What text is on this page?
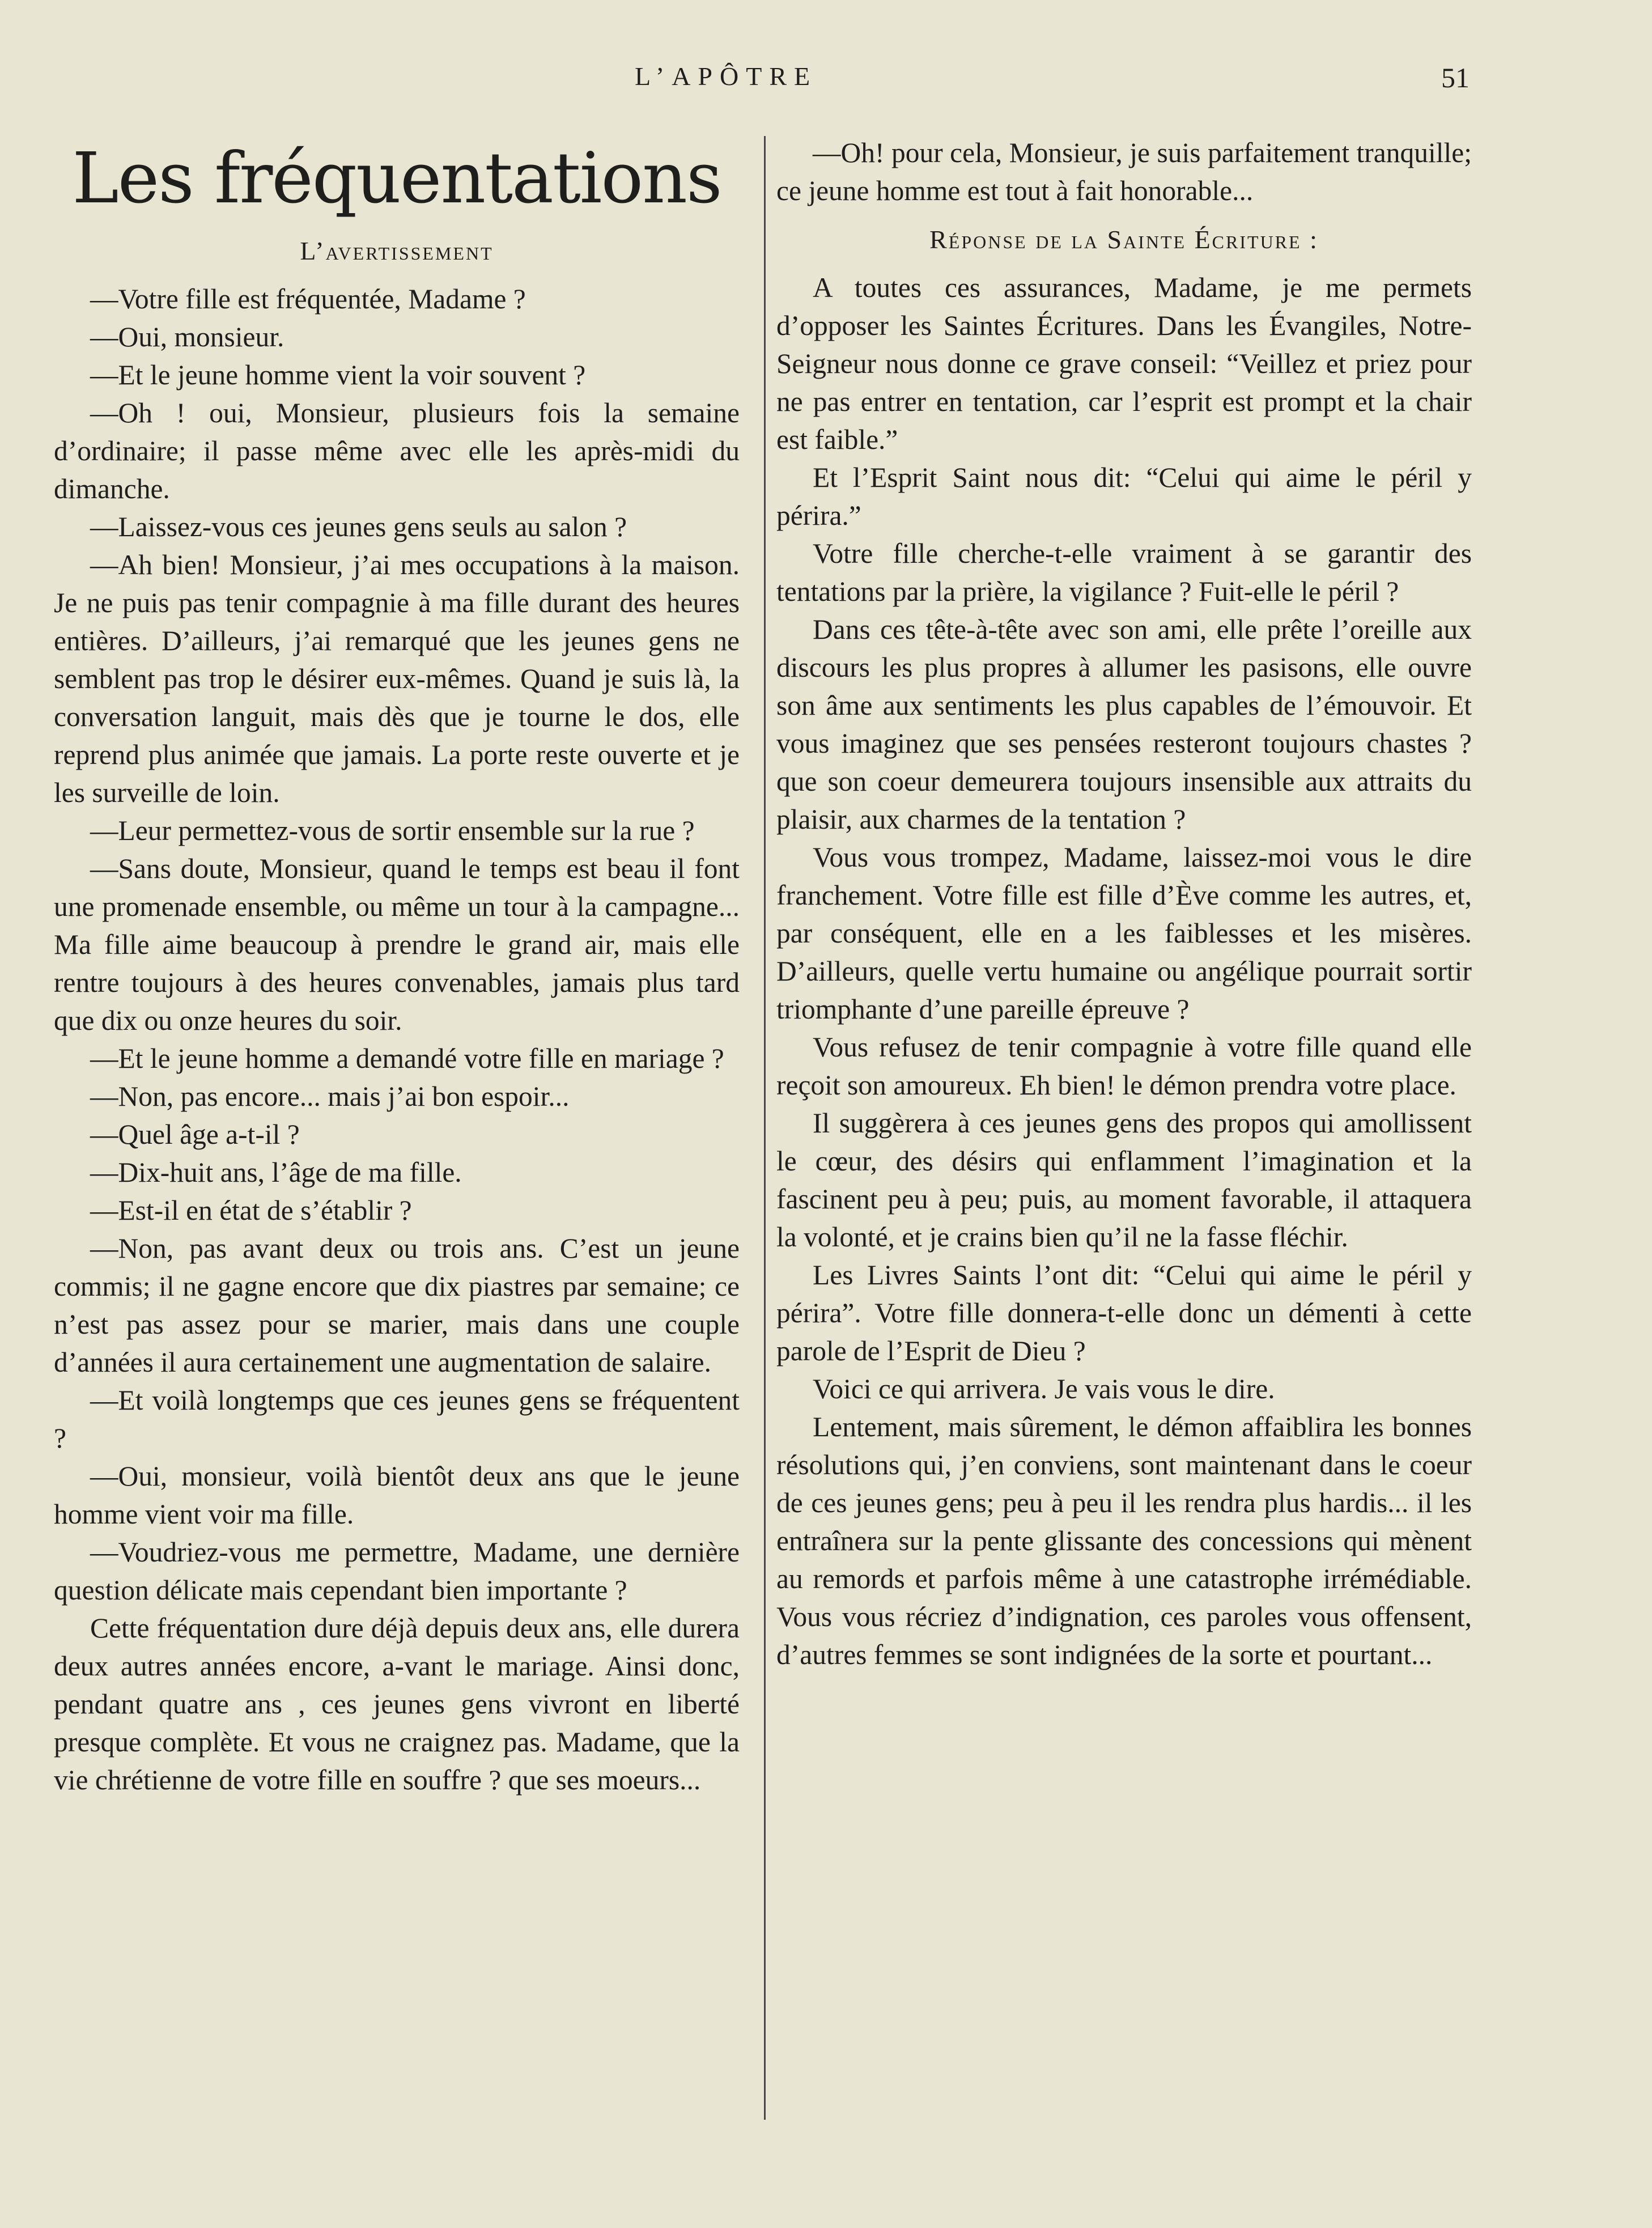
L’APÔTRE	51
Les fréquentations
L’avertissement

—Votre fille est fréquentée, Madame ?

—Oui, monsieur.

—Et le jeune homme vient la voir souvent ?

—Oh ! oui, Monsieur, plusieurs fois la semaine d’ordinaire; il passe même avec elle les après-midi du dimanche.

—Laissez-vous ces jeunes gens seuls au salon ?

—Ah bien! Monsieur, j’ai mes occupations à la maison. Je ne puis pas tenir compagnie à ma fille durant des heures entières. D’ailleurs, j’ai remarqué que les jeunes gens ne semblent pas trop le désirer eux-mêmes. Quand je suis là, la conversation languit, mais dès que je tourne le dos, elle reprend plus animée que jamais. La porte reste ouverte et je les surveille de loin.

—Leur permettez-vous de sortir ensemble sur la rue ?

—Sans doute, Monsieur, quand le temps est beau il font une promenade ensemble, ou même un tour à la campagne... Ma fille aime beaucoup à prendre le grand air, mais elle rentre toujours à des heures convenables, jamais plus tard que dix ou onze heures du soir.

—Et le jeune homme a demandé votre fille en mariage ?

—Non, pas encore... mais j’ai bon espoir...

—Quel âge a-t-il ?

—Dix-huit ans, l’âge de ma fille.

—Est-il en état de s’établir ?

—Non, pas avant deux ou trois ans. C’est un jeune commis; il ne gagne encore que dix piastres par semaine; ce n’est pas assez pour se marier, mais dans une couple d’années il aura certainement une augmentation de salaire.

—Et voilà longtemps que ces jeunes gens se fréquentent ?

—Oui, monsieur, voilà bientôt deux ans que le jeune homme vient voir ma fille.

—Voudriez-vous me permettre, Madame, une dernière question délicate mais cependant bien importante ?

Cette fréquentation dure déjà depuis deux ans, elle durera deux autres années encore, a-vant le mariage. Ainsi donc, pendant quatre ans , ces jeunes gens vivront en liberté presque complète. Et vous ne craignez pas. Madame, que la vie chrétienne de votre fille en souffre ? que ses moeurs...

—Oh! pour cela, Monsieur, je suis parfaitement tranquille; ce jeune homme est tout à fait honorable...

Réponse de la Sainte Écriture :

A toutes ces assurances, Madame, je me permets d’opposer les Saintes Écritures. Dans les Évangiles, Notre-Seigneur nous donne ce grave conseil: “Veillez et priez pour ne pas entrer en tentation, car l’esprit est prompt et la chair est faible.”

Et l’Esprit Saint nous dit: “Celui qui aime le péril y périra.”

Votre fille cherche-t-elle vraiment à se garantir des tentations par la prière, la vigilance ? Fuit-elle le péril ?

Dans ces tête-à-tête avec son ami, elle prête l’oreille aux discours les plus propres à allumer les pasisons, elle ouvre son âme aux sentiments les plus capables de l’émouvoir. Et vous imaginez que ses pensées resteront toujours chastes ? que son coeur demeurera toujours insensible aux attraits du plaisir, aux charmes de la tentation ?

Vous vous trompez, Madame, laissez-moi vous le dire franchement. Votre fille est fille d’Ève comme les autres, et, par conséquent, elle en a les faiblesses et les misères. D’ailleurs, quelle vertu humaine ou angélique pourrait sortir triomphante d’une pareille épreuve ?

Vous refusez de tenir compagnie à votre fille quand elle reçoit son amoureux. Eh bien! le démon prendra votre place.

Il suggèrera à ces jeunes gens des propos qui amollissent le cœur, des désirs qui enflamment l’imagination et la fascinent peu à peu; puis, au moment favorable, il attaquera la volonté, et je crains bien qu’il ne la fasse fléchir.

Les Livres Saints l’ont dit: “Celui qui aime le péril y périra”. Votre fille donnera-t-elle donc un démenti à cette parole de l’Esprit de Dieu ?

Voici ce qui arrivera. Je vais vous le dire.

Lentement, mais sûrement, le démon affaiblira les bonnes résolutions qui, j’en conviens, sont maintenant dans le coeur de ces jeunes gens; peu à peu il les rendra plus hardis... il les entraînera sur la pente glissante des concessions qui mènent au remords et parfois même à une catastrophe irrémédiable. Vous vous récriez d’indignation, ces paroles vous offensent, d’autres femmes se sont indignées de la sorte et pourtant...
